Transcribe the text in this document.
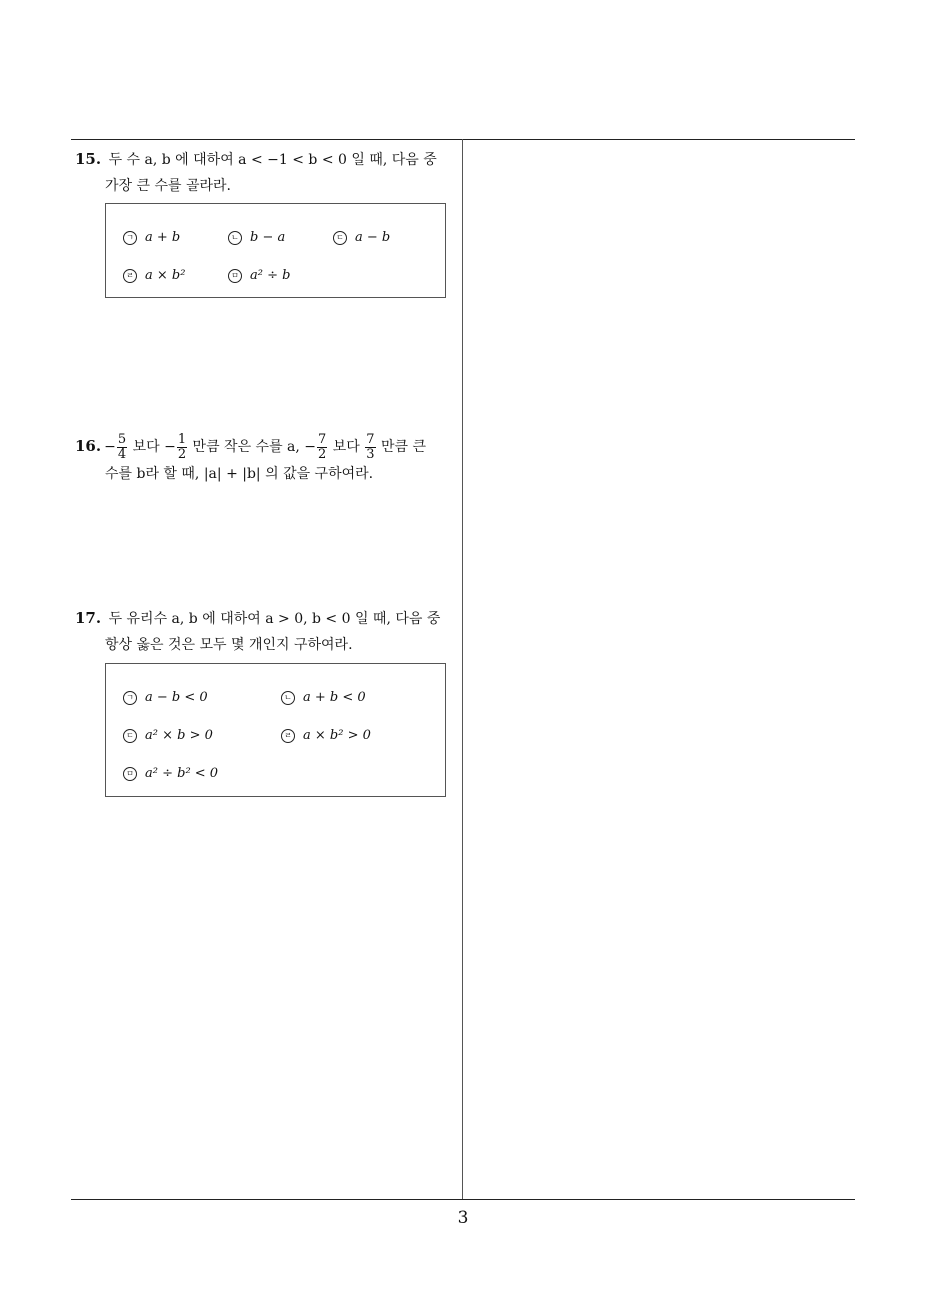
15. 두 수 a, b 에 대하여 a < −1 < b < 0 일 때, 다음 중
가장 큰 수를 골라라.
ㄱ a + b	ㄴ b − a	ㄷ a − b
ㄹ a × b²	ㅁ a² ÷ b
16. − $\frac{5}{4}$ 보다 − $\frac{1}{2}$ 만큼 작은 수를 a, − $\frac{7}{2}$ 보다 $\frac{7}{3}$ 만큼 큰
수를 b라 할 때, |a| + |b| 의 값을 구하여라.
17. 두 유리수 a, b 에 대하여 a > 0, b < 0 일 때, 다음 중
항상 옳은 것은 모두 몇 개인지 구하여라.
ㄱ a − b < 0	ㄴ a + b < 0
ㄷ a² × b > 0	ㄹ a × b² > 0
ㅁ a² ÷ b² < 0
3
